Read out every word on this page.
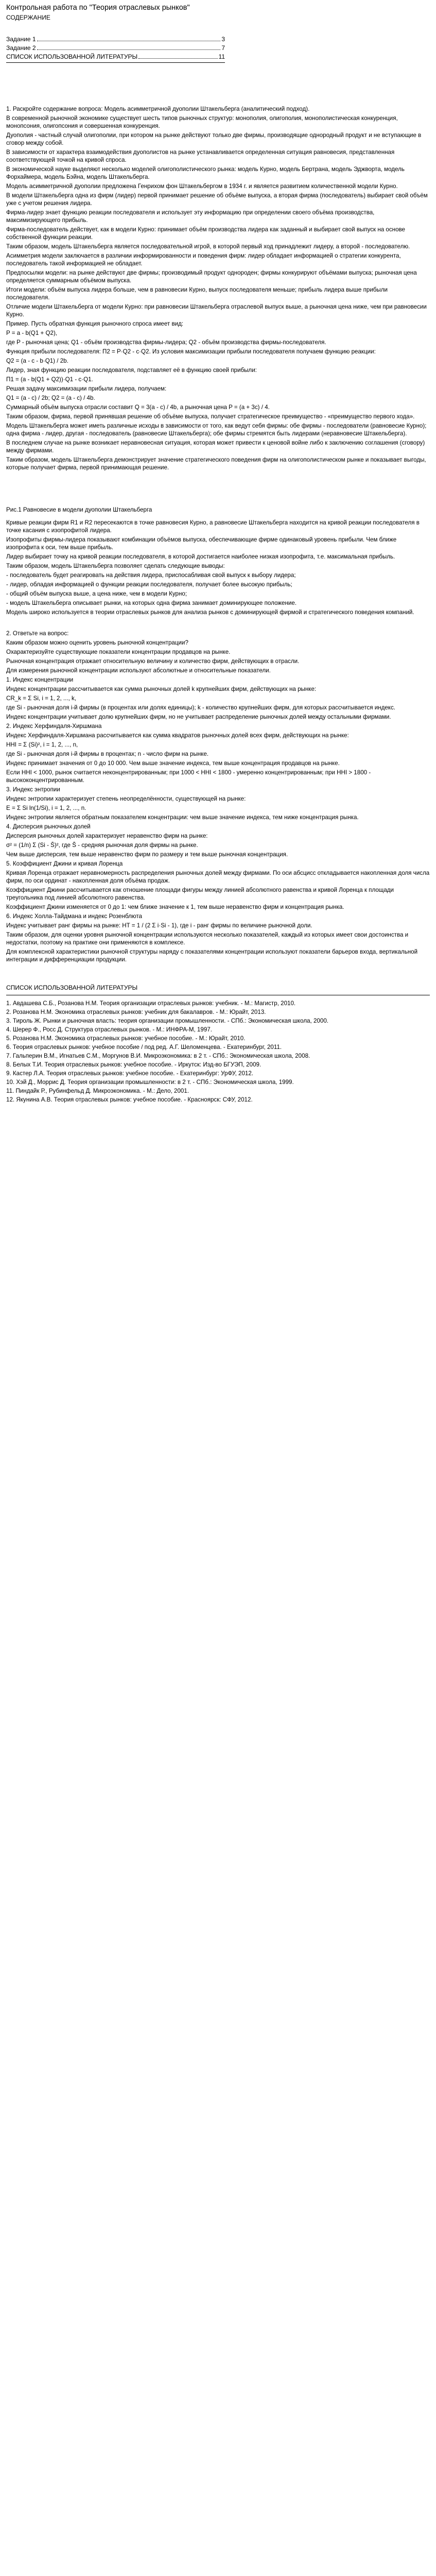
Контрольная работа по "Теория отраслевых рынков"
СОДЕРЖАНИЕ
Задание 1	3
Задание 2	7
СПИСОК ИСПОЛЬЗОВАННОЙ ЛИТЕРАТУРЫ	11

1. Раскройте содержание вопроса: Модель асимметричной дуополии Штакельберга (аналитический подход).

В современной рыночной экономике существует шесть типов рыночных структур: монополия, олигополия, монополистическая конкуренция, монопсония, олигопсония и совершенная конкуренция.

Дуополия - частный случай олигополии, при котором на рынке действуют только две фирмы, производящие однородный продукт и не вступающие в сговор между собой.

В зависимости от характера взаимодействия дуополистов на рынке устанавливается определенная ситуация равновесия, представленная соответствующей точкой на кривой спроса.

В экономической науке выделяют несколько моделей олигополистического рынка: модель Курно, модель Бертрана, модель Эджворта, модель Форхаймера, модель Бэйна, модель Штакельберга.

Модель асимметричной дуополии предложена Генрихом фон Штакельбергом в 1934 г. и является развитием количественной модели Курно.

В модели Штакельберга одна из фирм (лидер) первой принимает решение об объёме выпуска, а вторая фирма (последователь) выбирает свой объём уже с учетом решения лидера.

Фирма-лидер знает функцию реакции последователя и использует эту информацию при определении своего объёма производства, максимизирующего прибыль.

Фирма-последователь действует, как в модели Курно: принимает объём производства лидера как заданный и выбирает свой выпуск на основе собственной функции реакции.

Таким образом, модель Штакельберга является последовательной игрой, в которой первый ход принадлежит лидеру, а второй - последователю.

Асимметрия модели заключается в различии информированности и поведения фирм: лидер обладает информацией о стратегии конкурента, последователь такой информацией не обладает.

Предпосылки модели: на рынке действуют две фирмы; производимый продукт однороден; фирмы конкурируют объёмами выпуска; рыночная цена определяется суммарным объёмом выпуска.

Итоги модели: объём выпуска лидера больше, чем в равновесии Курно, выпуск последователя меньше; прибыль лидера выше прибыли последователя.

Отличие модели Штакельберга от модели Курно: при равновесии Штакельберга отраслевой выпуск выше, а рыночная цена ниже, чем при равновесии Курно.

Пример. Пусть обратная функция рыночного спроса имеет вид:

P = a - b(Q1 + Q2),

где P - рыночная цена; Q1 - объём производства фирмы-лидера; Q2 - объём производства фирмы-последователя.

Функция прибыли последователя: П2 = P·Q2 - c·Q2. Из условия максимизации прибыли последователя получаем функцию реакции:

Q2 = (a - c - b·Q1) / 2b.

Лидер, зная функцию реакции последователя, подставляет её в функцию своей прибыли:

П1 = (a - b(Q1 + Q2))·Q1 - c·Q1.

Решая задачу максимизации прибыли лидера, получаем:

Q1 = (a - c) / 2b; Q2 = (a - c) / 4b.

Суммарный объём выпуска отрасли составит Q = 3(a - c) / 4b, а рыночная цена P = (a + 3c) / 4.

Таким образом, фирма, первой принявшая решение об объёме выпуска, получает стратегическое преимущество - «преимущество первого хода».

Модель Штакельберга может иметь различные исходы в зависимости от того, как ведут себя фирмы: обе фирмы - последователи (равновесие Курно); одна фирма - лидер, другая - последователь (равновесие Штакельберга); обе фирмы стремятся быть лидерами (неравновесие Штакельберга).

В последнем случае на рынке возникает неравновесная ситуация, которая может привести к ценовой войне либо к заключению соглашения (сговору) между фирмами.

Таким образом, модель Штакельберга демонстрирует значение стратегического поведения фирм на олигополистическом рынке и показывает выгоды, которые получает фирма, первой принимающая решение.

Рис.1 Равновесие в модели дуополии Штакельберга

Кривые реакции фирм R1 и R2 пересекаются в точке равновесия Курно, а равновесие Штакельберга находится на кривой реакции последователя в точке касания с изопрофитой лидера.

Изопрофиты фирмы-лидера показывают комбинации объёмов выпуска, обеспечивающие фирме одинаковый уровень прибыли. Чем ближе изопрофита к оси, тем выше прибыль.

Лидер выбирает точку на кривой реакции последователя, в которой достигается наиболее низкая изопрофита, т.е. максимальная прибыль.

Таким образом, модель Штакельберга позволяет сделать следующие выводы:

- последователь будет реагировать на действия лидера, приспосабливая свой выпуск к выбору лидера;

- лидер, обладая информацией о функции реакции последователя, получает более высокую прибыль;

- общий объём выпуска выше, а цена ниже, чем в модели Курно;

- модель Штакельберга описывает рынки, на которых одна фирма занимает доминирующее положение.

Модель широко используется в теории отраслевых рынков для анализа рынков с доминирующей фирмой и стратегического поведения компаний.

2. Ответьте на вопрос:

Каким образом можно оценить уровень рыночной концентрации?

Охарактеризуйте существующие показатели концентрации продавцов на рынке.

Рыночная концентрация отражает относительную величину и количество фирм, действующих в отрасли.

Для измерения рыночной концентрации используют абсолютные и относительные показатели.

1. Индекс концентрации

Индекс концентрации рассчитывается как сумма рыночных долей k крупнейших фирм, действующих на рынке:

CR_k = Σ Si, i = 1, 2, ..., k,

где Si - рыночная доля i-й фирмы (в процентах или долях единицы); k - количество крупнейших фирм, для которых рассчитывается индекс.

Индекс концентрации учитывает долю крупнейших фирм, но не учитывает распределение рыночных долей между остальными фирмами.

2. Индекс Херфиндаля-Хиршмана

Индекс Херфиндаля-Хиршмана рассчитывается как сумма квадратов рыночных долей всех фирм, действующих на рынке:

HHI = Σ (Si)², i = 1, 2, ..., n,

где Si - рыночная доля i-й фирмы в процентах; n - число фирм на рынке.

Индекс принимает значения от 0 до 10 000. Чем выше значение индекса, тем выше концентрация продавцов на рынке.

Если HHI < 1000, рынок считается неконцентрированным; при 1000 < HHI < 1800 - умеренно концентрированным; при HHI > 1800 - высококонцентрированным.

3. Индекс энтропии

Индекс энтропии характеризует степень неопределённости, существующей на рынке:

E = Σ Si ln(1/Si), i = 1, 2, ..., n.

Индекс энтропии является обратным показателем концентрации: чем выше значение индекса, тем ниже концентрация рынка.

4. Дисперсия рыночных долей

Дисперсия рыночных долей характеризует неравенство фирм на рынке:

σ² = (1/n) Σ (Si - S̄)², где S̄ - средняя рыночная доля фирмы на рынке.

Чем выше дисперсия, тем выше неравенство фирм по размеру и тем выше рыночная концентрация.

5. Коэффициент Джини и кривая Лоренца

Кривая Лоренца отражает неравномерность распределения рыночных долей между фирмами. По оси абсцисс откладывается накопленная доля числа фирм, по оси ординат - накопленная доля объёма продаж.

Коэффициент Джини рассчитывается как отношение площади фигуры между линией абсолютного равенства и кривой Лоренца к площади треугольника под линией абсолютного равенства.

Коэффициент Джини изменяется от 0 до 1: чем ближе значение к 1, тем выше неравенство фирм и концентрация рынка.

6. Индекс Холла-Тайдмана и индекс Розенблюта

Индекс учитывает ранг фирмы на рынке: HT = 1 / (2 Σ i·Si - 1), где i - ранг фирмы по величине рыночной доли.

Таким образом, для оценки уровня рыночной концентрации используются несколько показателей, каждый из которых имеет свои достоинства и недостатки, поэтому на практике они применяются в комплексе.

Для комплексной характеристики рыночной структуры наряду с показателями концентрации используют показатели барьеров входа, вертикальной интеграции и дифференциации продукции.

СПИСОК ИСПОЛЬЗОВАННОЙ ЛИТЕРАТУРЫ

1. Авдашева С.Б., Розанова Н.М. Теория организации отраслевых рынков: учебник. - М.: Магистр, 2010.

2. Розанова Н.М. Экономика отраслевых рынков: учебник для бакалавров. - М.: Юрайт, 2013.

3. Тироль Ж. Рынки и рыночная власть: теория организации промышленности. - СПб.: Экономическая школа, 2000.

4. Шерер Ф., Росс Д. Структура отраслевых рынков. - М.: ИНФРА-М, 1997.

5. Розанова Н.М. Экономика отраслевых рынков: учебное пособие. - М.: Юрайт, 2010.

6. Теория отраслевых рынков: учебное пособие / под ред. А.Г. Шеломенцева. - Екатеринбург, 2011.

7. Гальперин В.М., Игнатьев С.М., Моргунов В.И. Микроэкономика: в 2 т. - СПб.: Экономическая школа, 2008.

8. Белых Т.И. Теория отраслевых рынков: учебное пособие. - Иркутск: Изд-во БГУЭП, 2009.

9. Кастер Л.А. Теория отраслевых рынков: учебное пособие. - Екатеринбург: УрФУ, 2012.

10. Хэй Д., Моррис Д. Теория организации промышленности: в 2 т. - СПб.: Экономическая школа, 1999.

11. Пиндайк Р., Рубинфельд Д. Микроэкономика. - М.: Дело, 2001.

12. Якунина А.В. Теория отраслевых рынков: учебное пособие. - Красноярск: СФУ, 2012.
